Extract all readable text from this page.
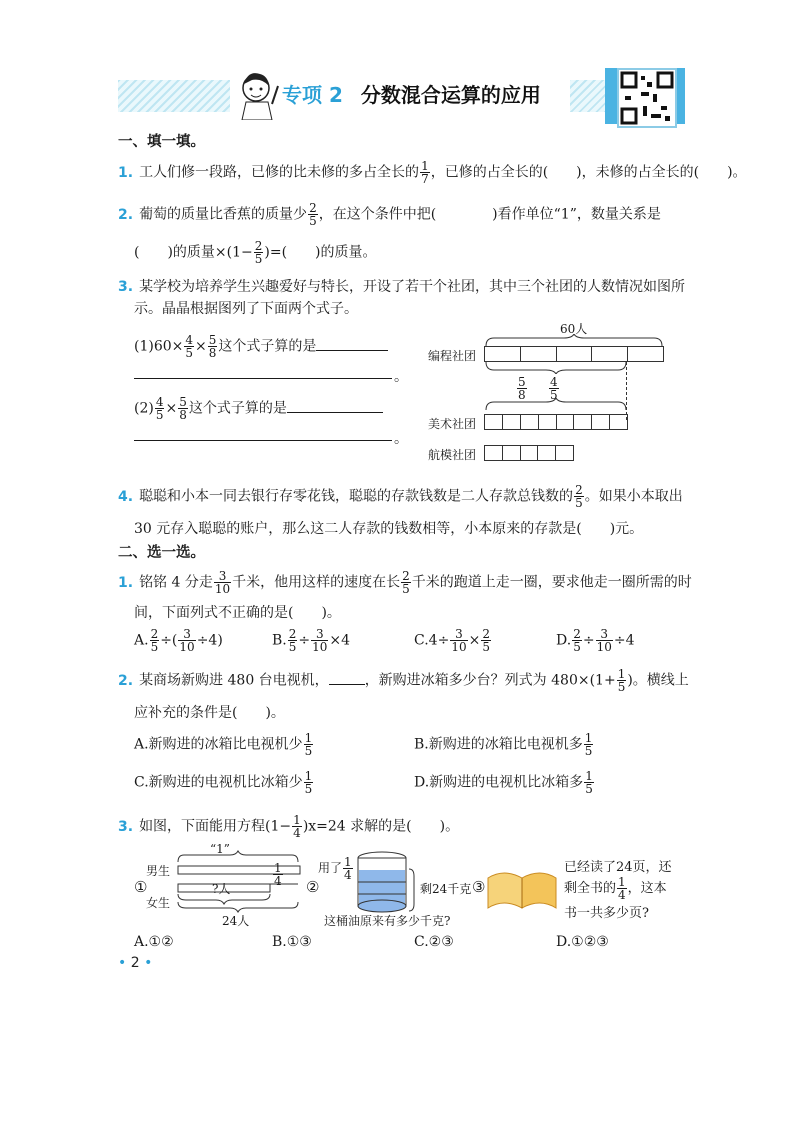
专项 2 分数混合运算的应用
一、填一填。
1. 工人们修一段路，已修的比未修的多占全长的 $\frac{1}{7}$ ，已修的占全长的(　　)，未修的占全长的(　　)。
2. 葡萄的质量比香蕉的质量少 $\frac{2}{5}$ ，在这个条件中把(　　　　)看作单位“1”，数量关系是
(　　)的质量$\times(1- \frac{2}{5}$ )=(　　)的质量。
3. 某学校为培养学生兴趣爱好与特长，开设了若干个社团，其中三个社团的人数情况如图所
示。晶晶根据图列了下面两个式子。
$(1)60\times \frac{4}{5} \times \frac{5}{8}$ 这个式子算的是
。
$(2) \frac{4}{5} \times \frac{5}{8}$ 这个式子算的是
。
60人
编程社团
$\frac{5}{8} \frac{4}{5}$
美术社团
航模社团
4. 聪聪和小本一同去银行存零花钱，聪聪的存款钱数是二人存款总钱数的 $\frac{2}{5}$ 。如果小本取出
30 元存入聪聪的账户，那么这二人存款的钱数相等，小本原来的存款是(　　)元。
二、选一选。
1. 铭铭 4 分走 $\frac{3}{10}$ 千米，他用这样的速度在长 $\frac{2}{5}$ 千米的跑道上走一圈，要求他走一圈所需的时
间，下面列式不正确的是(　　)。
A. $\frac{2}{5}$ ÷( $\frac{3}{10} \div 4$)	B. $\frac{2}{5} \div \frac{3}{10} \times 4$	$C.4\div \frac{3}{10} \times \frac{2}{5}$	D. $\frac{2}{5} \div \frac{3}{10} \div 4$
2. 某商场新购进 480 台电视机，	，新购进冰箱多少台？列式为 $480\times(1+ \frac{1}{5}$ )。横线上
应补充的条件是(　　)。
A.新购进的冰箱比电视机少 $\frac{1}{5}$	B.新购进的冰箱比电视机多 $\frac{1}{5}$
C.新购进的电视机比冰箱少 $\frac{1}{5}$	D.新购进的电视机比冰箱多 $\frac{1}{5}$
3. 如图，下面能用方程$(1- \frac{1}{4} )x=24$ 求解的是(　　)。
①
“1”
男生
女生
$\frac{1}{4}$
?人
24人
②
用了 $\frac{1}{4}$
剩24千克
这桶油原来有多少千克?
③
已经读了24页，还
剩全书的 $\frac{1}{4}$ ，这本
书一共多少页?
A.①②	B.①③	C.②③	D.①②③
• 2 •
